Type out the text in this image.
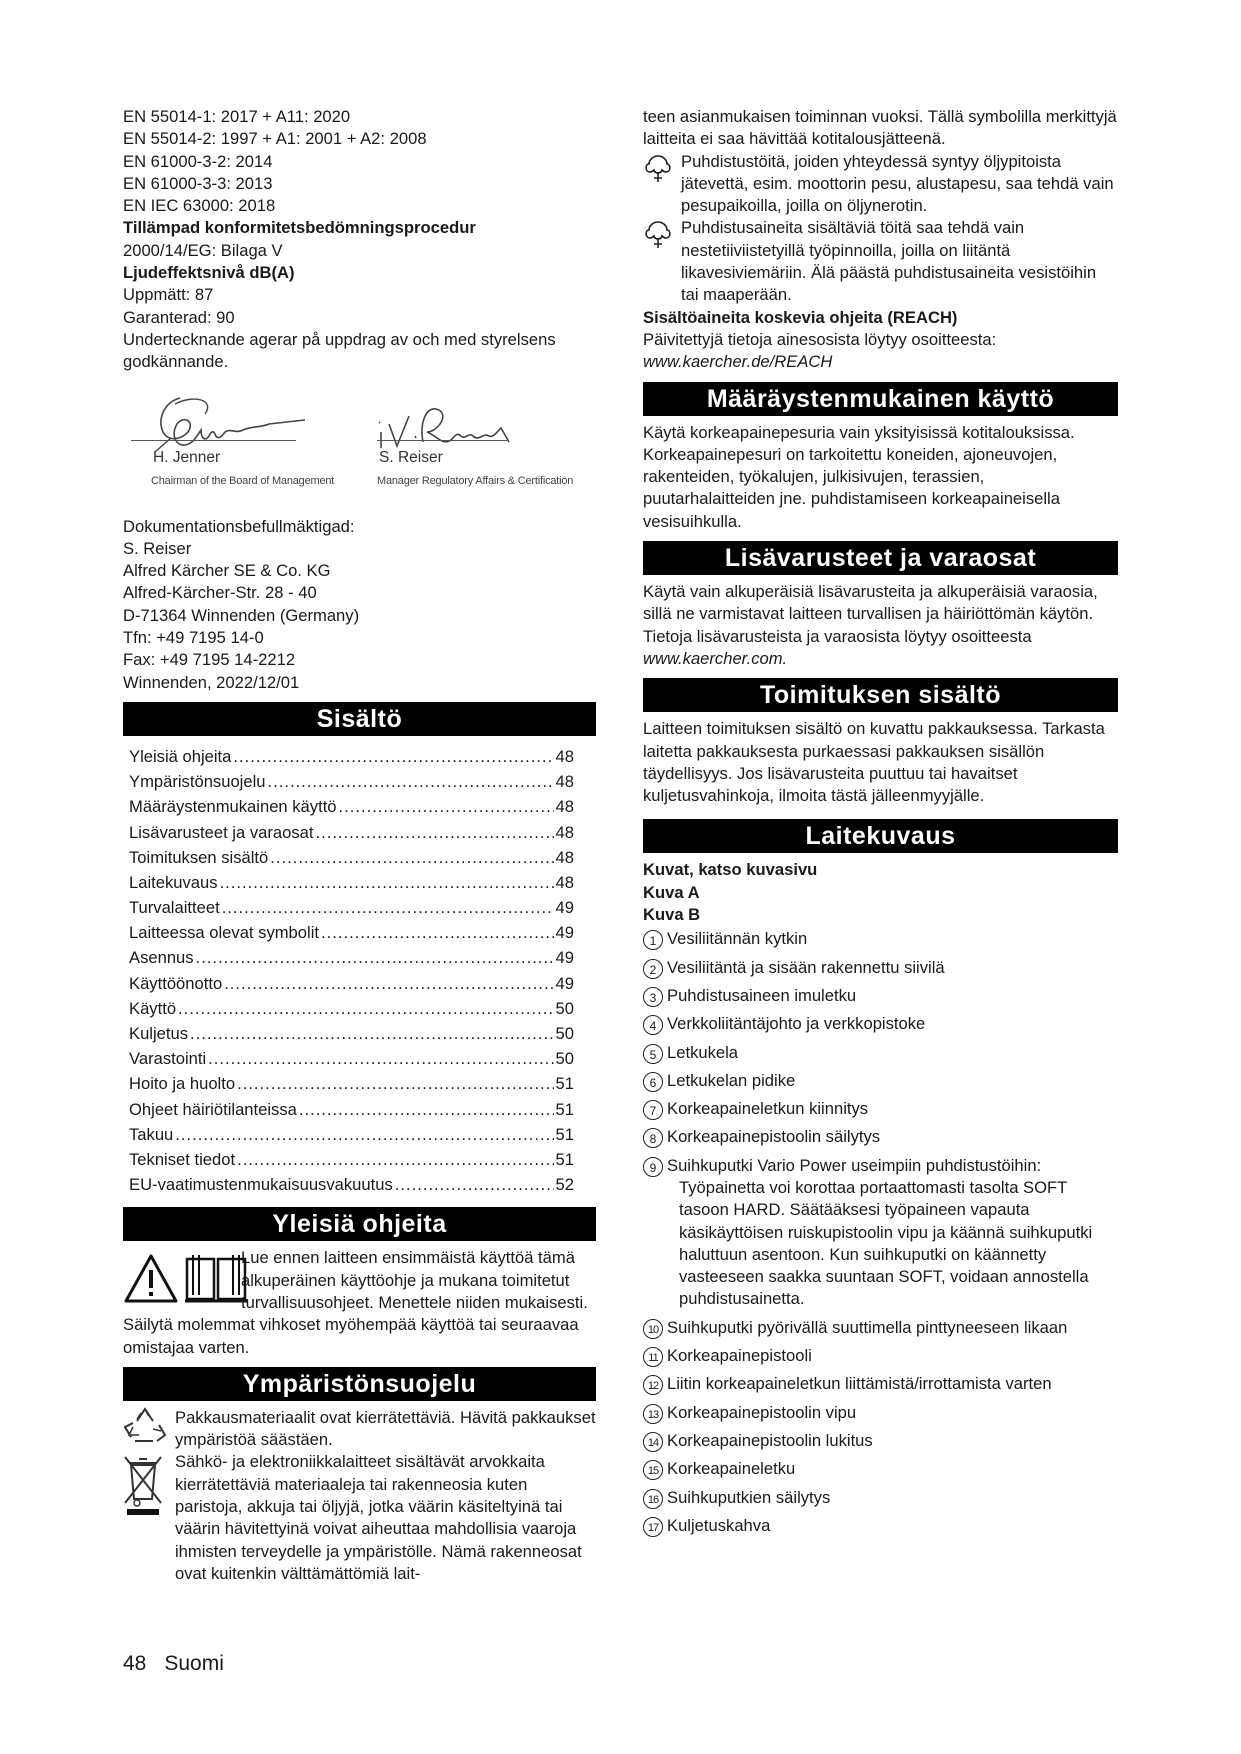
EN 55014-1: 2017 + A11: 2020

EN 55014-2: 1997 + A1: 2001 + A2: 2008

EN 61000-3-2: 2014

EN 61000-3-3: 2013

EN IEC 63000: 2018

Tillämpad konformitetsbedömningsprocedur

2000/14/EG: Bilaga V

Ljudeffektsnivå dB(A)

Uppmätt: 87

Garanterad: 90

Undertecknande agerar på uppdrag av och med styrelsens godkännande.

H. Jenner
Chairman of the Board of Management
S. Reiser
Manager Regulatory Affairs & Certification

Dokumentationsbefullmäktigad:

S. Reiser

Alfred Kärcher SE & Co. KG

Alfred-Kärcher-Str. 28 - 40

D-71364 Winnenden (Germany)

Tfn: +49 7195 14-0

Fax: +49 7195 14-2212

Winnenden, 2022/12/01

Sisältö
Yleisiä ohjeita .....	48
Ympäristönsuojelu .....	48
Määräystenmukainen käyttö .....	48
Lisävarusteet ja varaosat .....	48
Toimituksen sisältö .....	48
Laitekuvaus .....	48
Turvalaitteet .....	49
Laitteessa olevat symbolit .....	49
Asennus .....	49
Käyttöönotto .....	49
Käyttö .....	50
Kuljetus .....	50
Varastointi .....	50
Hoito ja huolto .....	51
Ohjeet häiriötilanteissa .....	51
Takuu .....	51
Tekniset tiedot .....	51
EU-vaatimustenmukaisuusvakuutus .....	52
Yleisiä ohjeita

Lue ennen laitteen ensimmäistä käyttöä tämä alkuperäinen käyttöohje ja mukana toimitetut turvallisuusohjeet. Menettele niiden mukaisesti.

Säilytä molemmat vihkoset myöhempää käyttöä tai seuraavaa omistajaa varten.

Ympäristönsuojelu

Pakkausmateriaalit ovat kierrätettäviä. Hävitä pakkaukset ympäristöä säästäen.

Sähkö- ja elektroniikkalaitteet sisältävät arvokkaita kierrätettäviä materiaaleja tai rakenneosia kuten paristoja, akkuja tai öljyjä, jotka väärin käsiteltyinä tai väärin hävitettyinä voivat aiheuttaa mahdollisia vaaroja ihmisten terveydelle ja ympäristölle. Nämä rakenneosat ovat kuitenkin välttämättömiä lait-

teen asianmukaisen toiminnan vuoksi. Tällä symbolilla merkittyjä laitteita ei saa hävittää kotitalousjätteenä.

Puhdistustöitä, joiden yhteydessä syntyy öljypitoista jätevettä, esim. moottorin pesu, alustapesu, saa tehdä vain pesupaikoilla, joilla on öljynerotin.

Puhdistusaineita sisältäviä töitä saa tehdä vain nestetiiviistetyillä työpinnoilla, joilla on liitäntä likavesiviemäriin. Älä päästä puhdistusaineita vesistöihin tai maaperään.

Sisältöaineita koskevia ohjeita (REACH)

Päivitettyjä tietoja ainesosista löytyy osoitteesta:

www.kaercher.de/REACH

Määräystenmukainen käyttö

Käytä korkeapainepesuria vain yksityisissä kotitalouksissa.

Korkeapainepesuri on tarkoitettu koneiden, ajoneuvojen, rakenteiden, työkalujen, julkisivujen, terassien, puutarhalaitteiden jne. puhdistamiseen korkeapaineisella vesisuihkulla.

Lisävarusteet ja varaosat

Käytä vain alkuperäisiä lisävarusteita ja alkuperäisiä varaosia, sillä ne varmistavat laitteen turvallisen ja häiriöttömän käytön.

Tietoja lisävarusteista ja varaosista löytyy osoitteesta

www.kaercher.com.

Toimituksen sisältö

Laitteen toimituksen sisältö on kuvattu pakkauksessa. Tarkasta laitetta pakkauksesta purkaessasi pakkauksen sisällön täydellisyys. Jos lisävarusteita puuttuu tai havaitset kuljetusvahinkoja, ilmoita tästä jälleenmyyjälle.

Laitekuvaus

Kuvat, katso kuvasivu

Kuva A

Kuva B

1 Vesiliitännän kytkin
2 Vesiliitäntä ja sisään rakennettu siivilä
3 Puhdistusaineen imuletku
4 Verkkoliitäntäjohto ja verkkopistoke
5 Letkukela
6 Letkukelan pidike
7 Korkeapaineletkun kiinnitys
8 Korkeapainepistoolin säilytys
9 Suihkuputki Vario Power useimpiin puhdistustöihin:
Työpainetta voi korottaa portaattomasti tasolta SOFT tasoon HARD. Säätääksesi työpaineen vapauta käsikäyttöisen ruiskupistoolin vipu ja käännä suihkuputki haluttuun asentoon. Kun suihkuputki on käännetty vasteeseen saakka suuntaan SOFT, voidaan annostella puhdistusainetta.
10 Suihkuputki pyörivällä suuttimella pinttyneeseen likaan
11 Korkeapainepistooli
12 Liitin korkeapaineletkun liittämistä/irrottamista varten
13 Korkeapainepistoolin vipu
14 Korkeapainepistoolin lukitus
15 Korkeapaineletku
16 Suihkuputkien säilytys
17 Kuljetuskahva
48 Suomi
